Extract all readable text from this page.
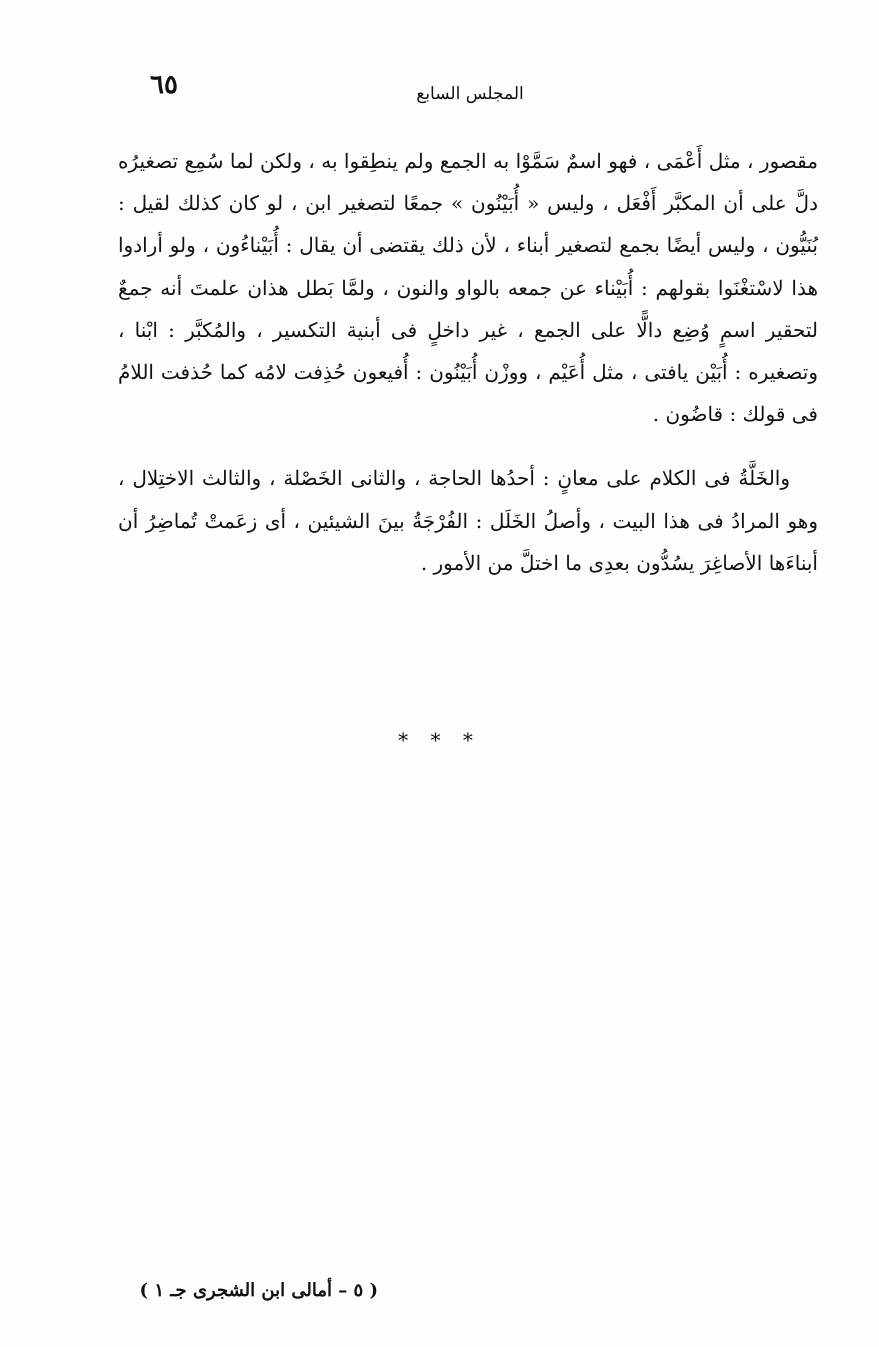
٦٥	المجلس السابع

مقصور ، مثل أَعْمَى ، فهو اسمٌ سَمَّوْا به الجمع ولم ينطِقوا به ، ولكن لما سُمِع تصغيرُه دلَّ على أن المكبَّر أَفْعَل ، وليس « أُبَيْنُون » جمعًا لتصغير ابن ، لو كان كذلك لقيل : بُنَيُّون ، وليس أيضًا بجمع لتصغير أبناء ، لأن ذلك يقتضى أن يقال : أُبَيْناءُون ، ولو أرادوا هذا لاسْتغْنَوا بقولهم : أُبَيْناء عن جمعه بالواو والنون ، ولمَّا بَطل هذان علمتَ أنه جمعٌ لتحقير اسمٍ وُضِع دالًّا على الجمع ، غير داخلٍ فى أبنية التكسير ، والمُكبَّر : ابْنا ، وتصغيره : أُبَيْن يافتى ، مثل أُعَيْم ، ووزْن أُبَيْنُون : أُفيعون حُذِفت لامُه كما حُذفت اللامُ فى قولك : قاضُون .

والخَلَّةُ فى الكلام على معانٍ : أحدُها الحاجة ، والثانى الخَصْلة ، والثالث الاختِلال ، وهو المرادُ فى هذا البيت ، وأصلُ الخَلَل : الفُرْجَةُ بينَ الشيئين ، أى زعَمتْ تُماضِرُ أن أبناءَها الأصاغِرَ يسُدُّون بعدِى ما اختلَّ من الأمور .

* * *
( ٥ – أمالى ابن الشجرى جـ ١ )
